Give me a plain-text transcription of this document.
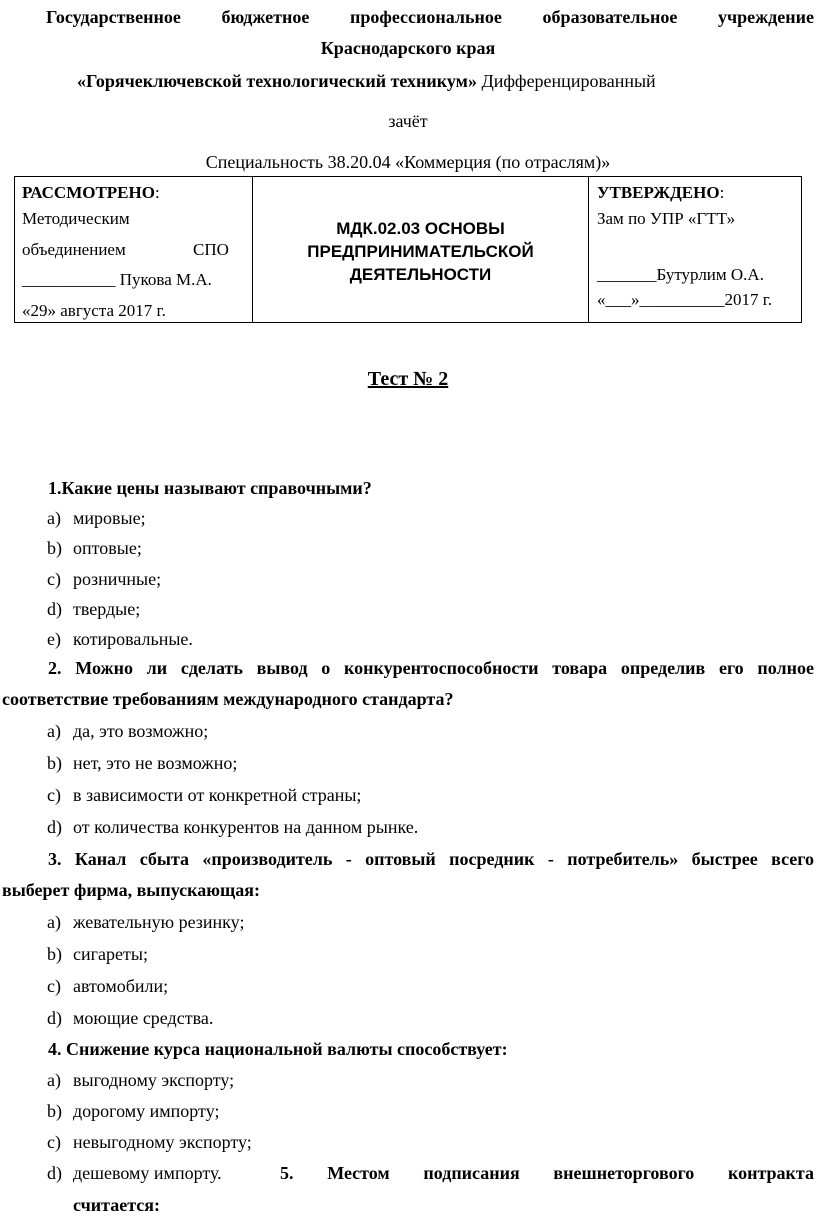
Государственное бюджетное профессиональное образовательное учреждение
Краснодарского края
«Горячеключевской технологический техникум» Дифференцированный
зачёт
Специальность 38.20.04 «Коммерция (по отраслям)»
РАССМОТРЕНО:
Методическим
объединением	СПО
___________ Пукова М.А.
«29» августа 2017 г.
МДК.02.03 ОСНОВЫ
ПРЕДПРИНИМАТЕЛЬСКОЙ
ДЕЯТЕЛЬНОСТИ
УТВЕРЖДЕНО:
Зам по УПР «ГТТ»
_______Бутурлим О.А.
«___»__________2017 г.
Тест № 2
1.Какие цены называют справочными?
a) мировые;
b) оптовые;
c) розничные;
d) твердые;
e) котировальные.
2. Можно ли сделать вывод о конкурентоспособности товара определив его полное
соответствие требованиям международного стандарта?
a) да, это возможно;
b) нет, это не возможно;
c) в зависимости от конкретной страны;
d) от количества конкурентов на данном рынке.
3. Канал сбыта «производитель - оптовый посредник - потребитель» быстрее всего
выберет фирма, выпускающая:
a) жевательную резинку;
b) сигареты;
c) автомобили;
d) моющие средства.
4. Снижение курса национальной валюты способствует:
a) выгодному экспорту;
b) дорогому импорту;
c) невыгодному экспорту;
d) дешевому импорту.	5. Местом подписания внешнеторгового контракта
считается:
